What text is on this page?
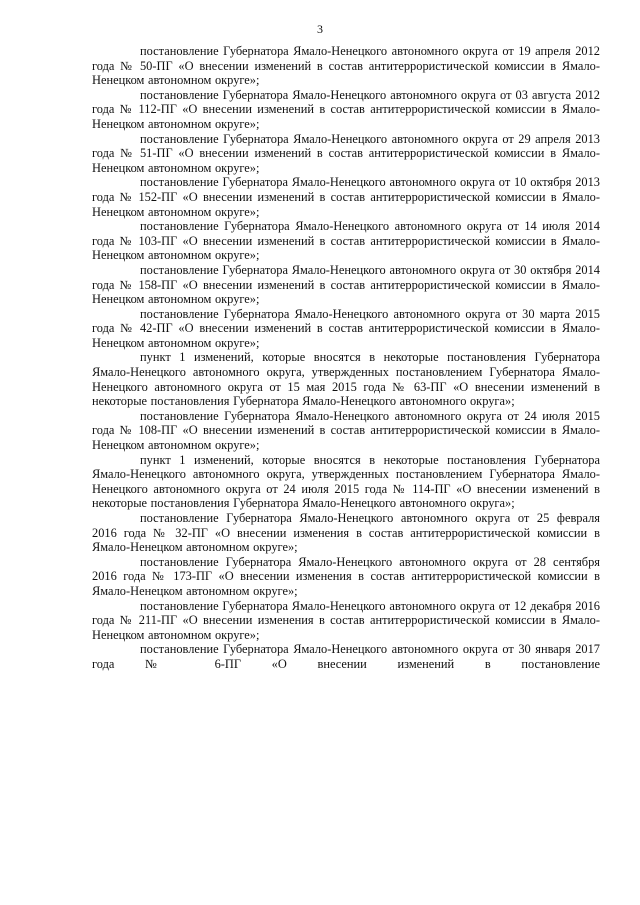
3

постановление Губернатора Ямало-Ненецкого автономного округа от 19 апреля 2012 года № 50-ПГ «О внесении изменений в состав антитеррористической комиссии в Ямало-Ненецком автономном округе»;

постановление Губернатора Ямало-Ненецкого автономного округа от 03 августа 2012 года № 112-ПГ «О внесении изменений в состав антитеррористической комиссии в Ямало-Ненецком автономном округе»;

постановление Губернатора Ямало-Ненецкого автономного округа от 29 апреля 2013 года № 51-ПГ «О внесении изменений в состав антитеррористической комиссии в Ямало-Ненецком автономном округе»;

постановление Губернатора Ямало-Ненецкого автономного округа от 10 октября 2013 года № 152-ПГ «О внесении изменений в состав антитеррористической комиссии в Ямало-Ненецком автономном округе»;

постановление Губернатора Ямало-Ненецкого автономного округа от 14 июля 2014 года № 103-ПГ «О внесении изменений в состав антитеррористической комиссии в Ямало-Ненецком автономном округе»;

постановление Губернатора Ямало-Ненецкого автономного округа от 30 октября 2014 года № 158-ПГ «О внесении изменений в состав антитеррористической комиссии в Ямало-Ненецком автономном округе»;

постановление Губернатора Ямало-Ненецкого автономного округа от 30 марта 2015 года № 42-ПГ «О внесении изменений в состав антитеррористической комиссии в Ямало-Ненецком автономном округе»;

пункт 1 изменений, которые вносятся в некоторые постановления Губернатора Ямало-Ненецкого автономного округа, утвержденных постановлением Губернатора Ямало-Ненецкого автономного округа от 15 мая 2015 года № 63-ПГ «О внесении изменений в некоторые постановления Губернатора Ямало-Ненецкого автономного округа»;

постановление Губернатора Ямало-Ненецкого автономного округа от 24 июля 2015 года № 108-ПГ «О внесении изменений в состав антитеррористической комиссии в Ямало-Ненецком автономном округе»;

пункт 1 изменений, которые вносятся в некоторые постановления Губернатора Ямало-Ненецкого автономного округа, утвержденных постановлением Губернатора Ямало-Ненецкого автономного округа от 24 июля 2015 года № 114-ПГ «О внесении изменений в некоторые постановления Губернатора Ямало-Ненецкого автономного округа»;

постановление Губернатора Ямало-Ненецкого автономного округа от 25 февраля 2016 года № 32-ПГ «О внесении изменения в состав антитеррористической комиссии в Ямало-Ненецком автономном округе»;

постановление Губернатора Ямало-Ненецкого автономного округа от 28 сентября 2016 года № 173-ПГ «О внесении изменения в состав антитеррористической комиссии в Ямало-Ненецком автономном округе»;

постановление Губернатора Ямало-Ненецкого автономного округа от 12 декабря 2016 года № 211-ПГ «О внесении изменения в состав антитеррористической комиссии в Ямало-Ненецком автономном округе»;

постановление Губернатора Ямало-Ненецкого автономного округа от 30 января 2017 года № 6-ПГ «О внесении изменений в постановление
